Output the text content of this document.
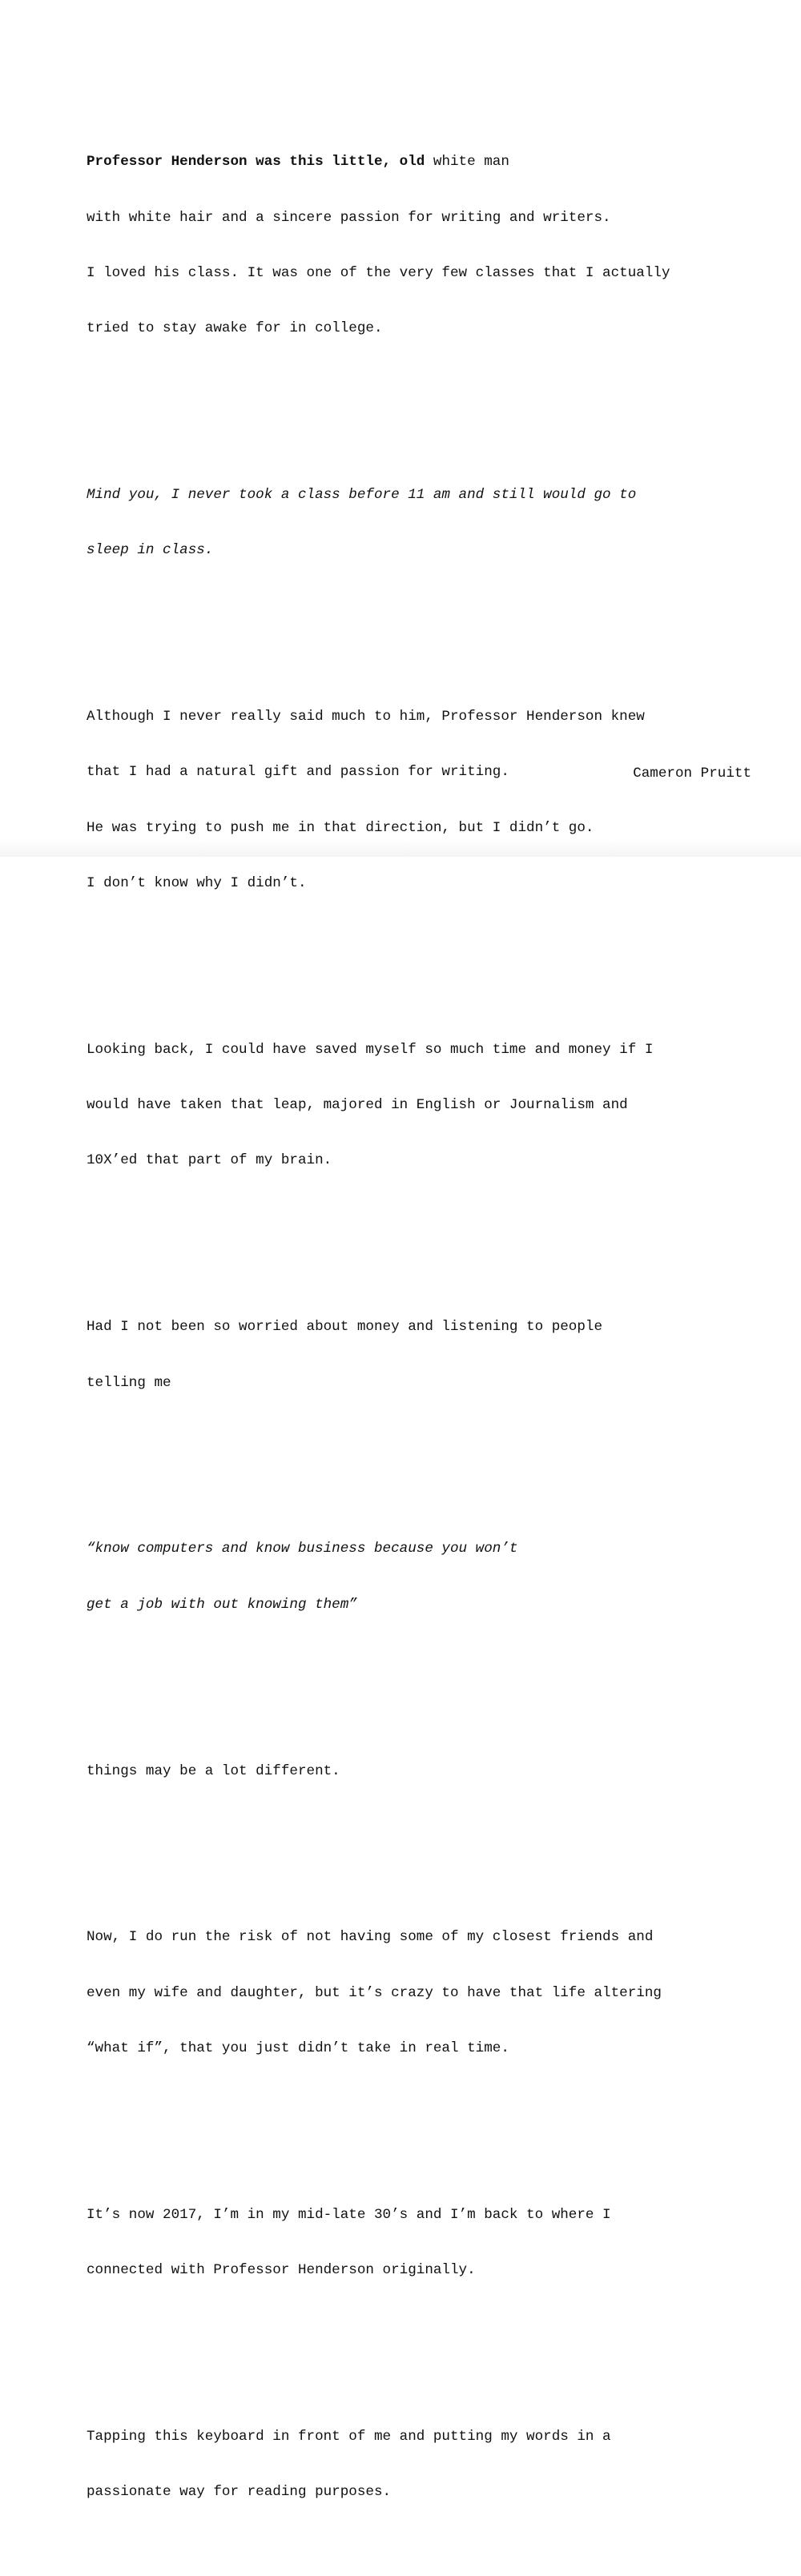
Professor Henderson was this little, old white man

with white hair and a sincere passion for writing and writers.

I loved his class. It was one of the very few classes that I actually

tried to stay awake for in college.

Mind you, I never took a class before 11 am and still would go to

sleep in class.

Although I never really said much to him, Professor Henderson knew

that I had a natural gift and passion for writing.

He was trying to push me in that direction, but I didn’t go.

I don’t know why I didn’t.

Looking back, I could have saved myself so much time and money if I

would have taken that leap, majored in English or Journalism and

10X’ed that part of my brain.

Had I not been so worried about money and listening to people

telling me

“know computers and know business because you won’t

get a job with out knowing them”

things may be a lot different.

Now, I do run the risk of not having some of my closest friends and

even my wife and daughter, but it’s crazy to have that life altering

“what if”, that you just didn’t take in real time.

It’s now 2017, I’m in my mid-late 30’s and I’m back to where I

connected with Professor Henderson originally.

Tapping this keyboard in front of me and putting my words in a

passionate way for reading purposes.

Cameron Pruitt
